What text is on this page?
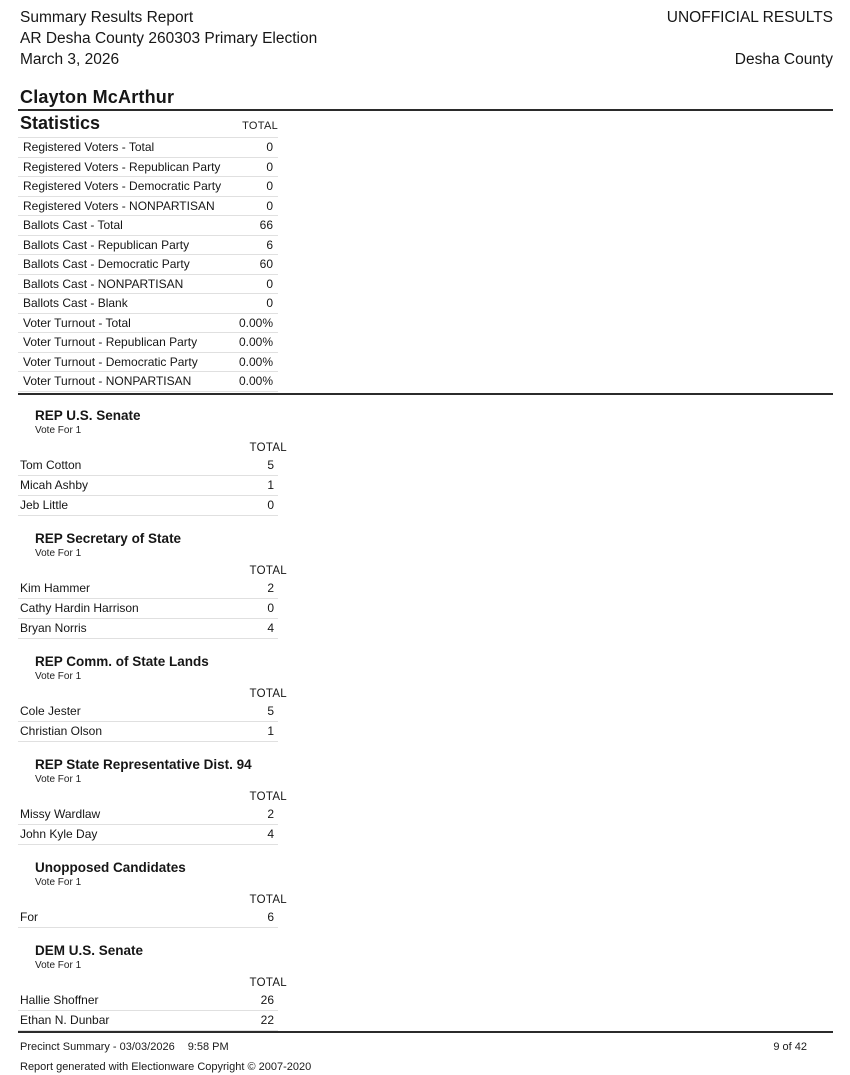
Summary Results Report
AR Desha County 260303 Primary Election
March 3, 2026
UNOFFICIAL RESULTS
Desha County
Clayton McArthur
Statistics	TOTAL
Registered Voters - Total	0
Registered Voters - Republican Party	0
Registered Voters - Democratic Party	0
Registered Voters - NONPARTISAN	0
Ballots Cast - Total	66
Ballots Cast - Republican Party	6
Ballots Cast - Democratic Party	60
Ballots Cast - NONPARTISAN	0
Ballots Cast - Blank	0
Voter Turnout - Total	0.00%
Voter Turnout - Republican Party	0.00%
Voter Turnout - Democratic Party	0.00%
Voter Turnout - NONPARTISAN	0.00%
REP U.S. Senate
Vote For 1
TOTAL
Tom Cotton	5
Micah Ashby	1
Jeb Little	0
REP Secretary of State
Vote For 1
TOTAL
Kim Hammer	2
Cathy Hardin Harrison	0
Bryan Norris	4
REP Comm. of State Lands
Vote For 1
TOTAL
Cole Jester	5
Christian Olson	1
REP State Representative Dist. 94
Vote For 1
TOTAL
Missy Wardlaw	2
John Kyle Day	4
Unopposed Candidates
Vote For 1
TOTAL
For	6
DEM U.S. Senate
Vote For 1
TOTAL
Hallie Shoffner	26
Ethan N. Dunbar	22
Precinct Summary - 03/03/2026 9:58 PM	9 of 42
Report generated with Electionware Copyright © 2007-2020
